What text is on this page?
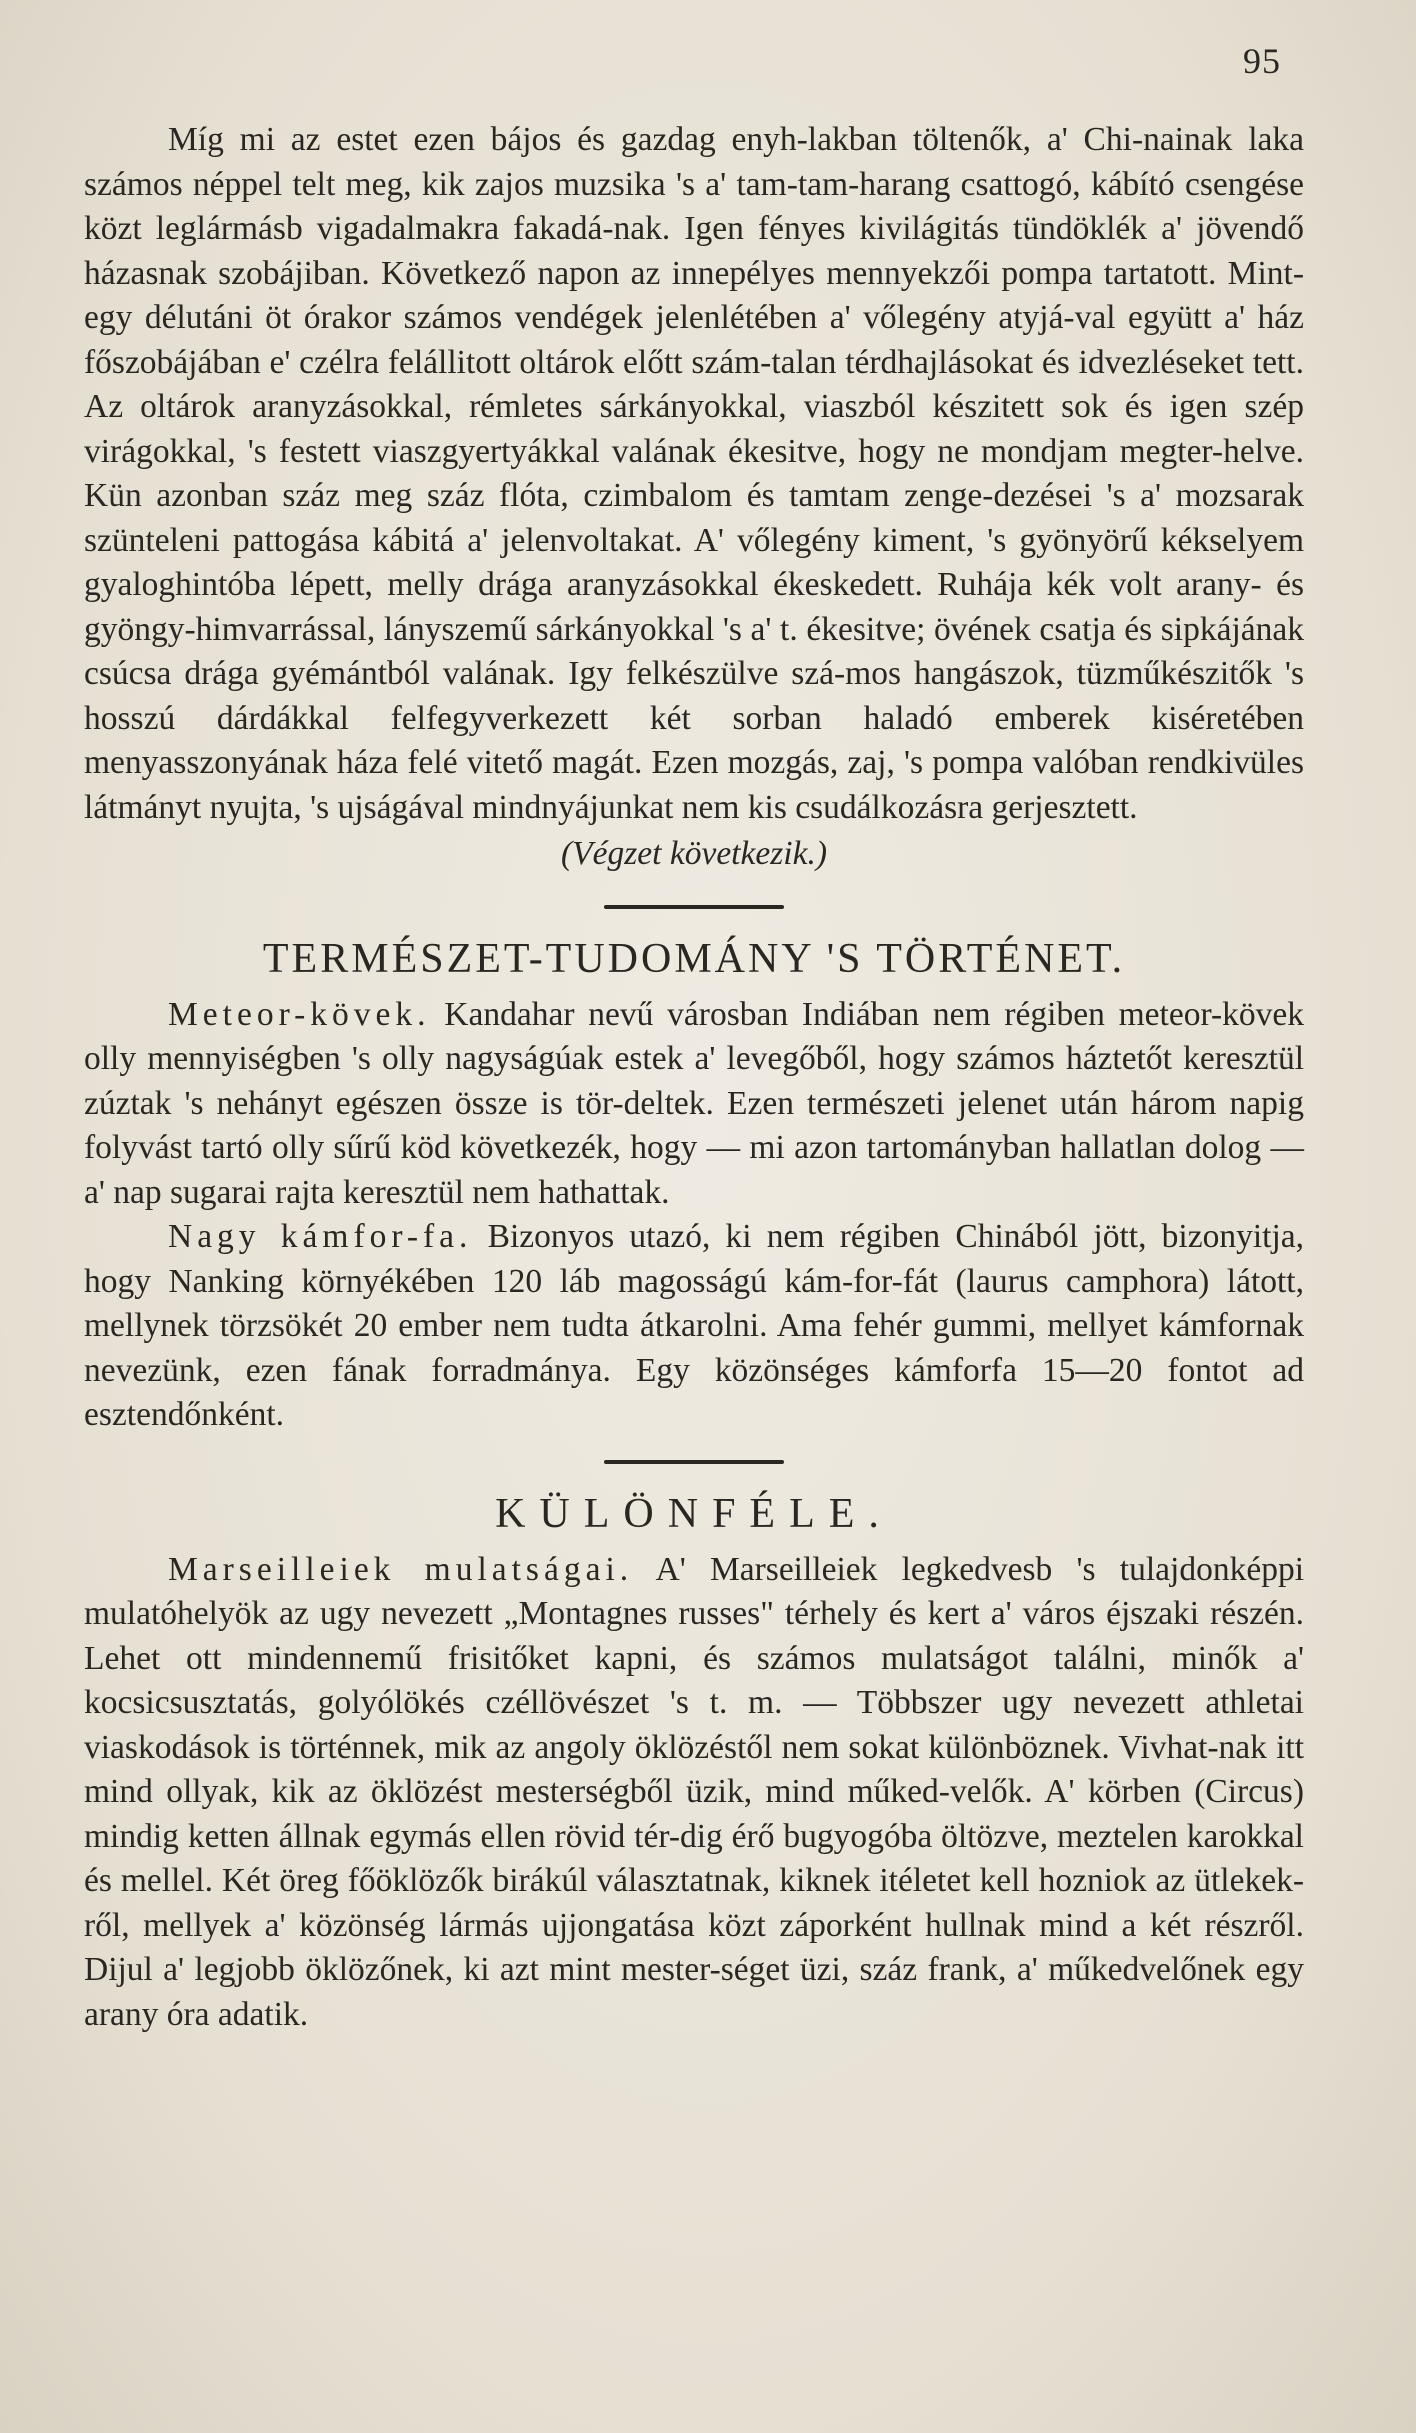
95

Míg mi az estet ezen bájos és gazdag enyh-lakban töltenők, a' Chi-nainak laka számos néppel telt meg, kik zajos muzsika 's a' tam-tam-harang csattogó, kábító csengése közt leglármásb vigadalmakra fakadá-nak. Igen fényes kivilágitás tündöklék a' jövendő házasnak szobájiban. Következő napon az innepélyes mennyekzői pompa tartatott. Mint-egy délutáni öt órakor számos vendégek jelenlétében a' vőlegény atyjá-val együtt a' ház főszobájában e' czélra felállitott oltárok előtt szám-talan térdhajlásokat és idvezléseket tett. Az oltárok aranyzásokkal, rémletes sárkányokkal, viaszból készitett sok és igen szép virágokkal, 's festett viaszgyertyákkal valának ékesitve, hogy ne mondjam megter-helve. Kün azonban száz meg száz flóta, czimbalom és tamtam zenge-dezései 's a' mozsarak szünteleni pattogása kábitá a' jelenvoltakat. A' vőlegény kiment, 's gyönyörű kékselyem gyaloghintóba lépett, melly drága aranyzásokkal ékeskedett. Ruhája kék volt arany- és gyöngy-himvarrással, lányszemű sárkányokkal 's a' t. ékesitve; övének csatja és sipkájának csúcsa drága gyémántból valának. Igy felkészülve szá-mos hangászok, tüzműkészitők 's hosszú dárdákkal felfegyverkezett két sorban haladó emberek kiséretében menyasszonyának háza felé vitető magát. Ezen mozgás, zaj, 's pompa valóban rendkivüles látmányt nyujta, 's ujságával mindnyájunkat nem kis csudálkozásra gerjesztett.

(Végzet következik.)

TERMÉSZET-TUDOMÁNY 'S TÖRTÉNET.

Meteor-kövek. Kandahar nevű városban Indiában nem régiben meteor-kövek olly mennyiségben 's olly nagyságúak estek a' levegőből, hogy számos háztetőt keresztül zúztak 's nehányt egészen össze is tör-deltek. Ezen természeti jelenet után három napig folyvást tartó olly sűrű köd következék, hogy — mi azon tartományban hallatlan dolog — a' nap sugarai rajta keresztül nem hathattak.

Nagy kámfor-fa. Bizonyos utazó, ki nem régiben Chinából jött, bizonyitja, hogy Nanking környékében 120 láb magosságú kám-for-fát (laurus camphora) látott, mellynek törzsökét 20 ember nem tudta átkarolni. Ama fehér gummi, mellyet kámfornak nevezünk, ezen fának forradmánya. Egy közönséges kámforfa 15—20 fontot ad esztendőnként.

KÜLÖNFÉLE.

Marseilleiek mulatságai. A' Marseilleiek legkedvesb 's tulajdonképpi mulatóhelyök az ugy nevezett „Montagnes russes" térhely és kert a' város éjszaki részén. Lehet ott mindennemű frisitőket kapni, és számos mulatságot találni, minők a' kocsicsusztatás, golyólökés czéllövészet 's t. m. — Többszer ugy nevezett athletai viaskodások is történnek, mik az angoly öklözéstől nem sokat különböznek. Vivhat-nak itt mind ollyak, kik az öklözést mesterségből üzik, mind műked-velők. A' körben (Circus) mindig ketten állnak egymás ellen rövid tér-dig érő bugyogóba öltözve, meztelen karokkal és mellel. Két öreg főöklözők birákúl választatnak, kiknek itéletet kell hozniok az ütlekek-ről, mellyek a' közönség lármás ujjongatása közt záporként hullnak mind a két részről. Dijul a' legjobb öklözőnek, ki azt mint mester-séget üzi, száz frank, a' műkedvelőnek egy arany óra adatik.
